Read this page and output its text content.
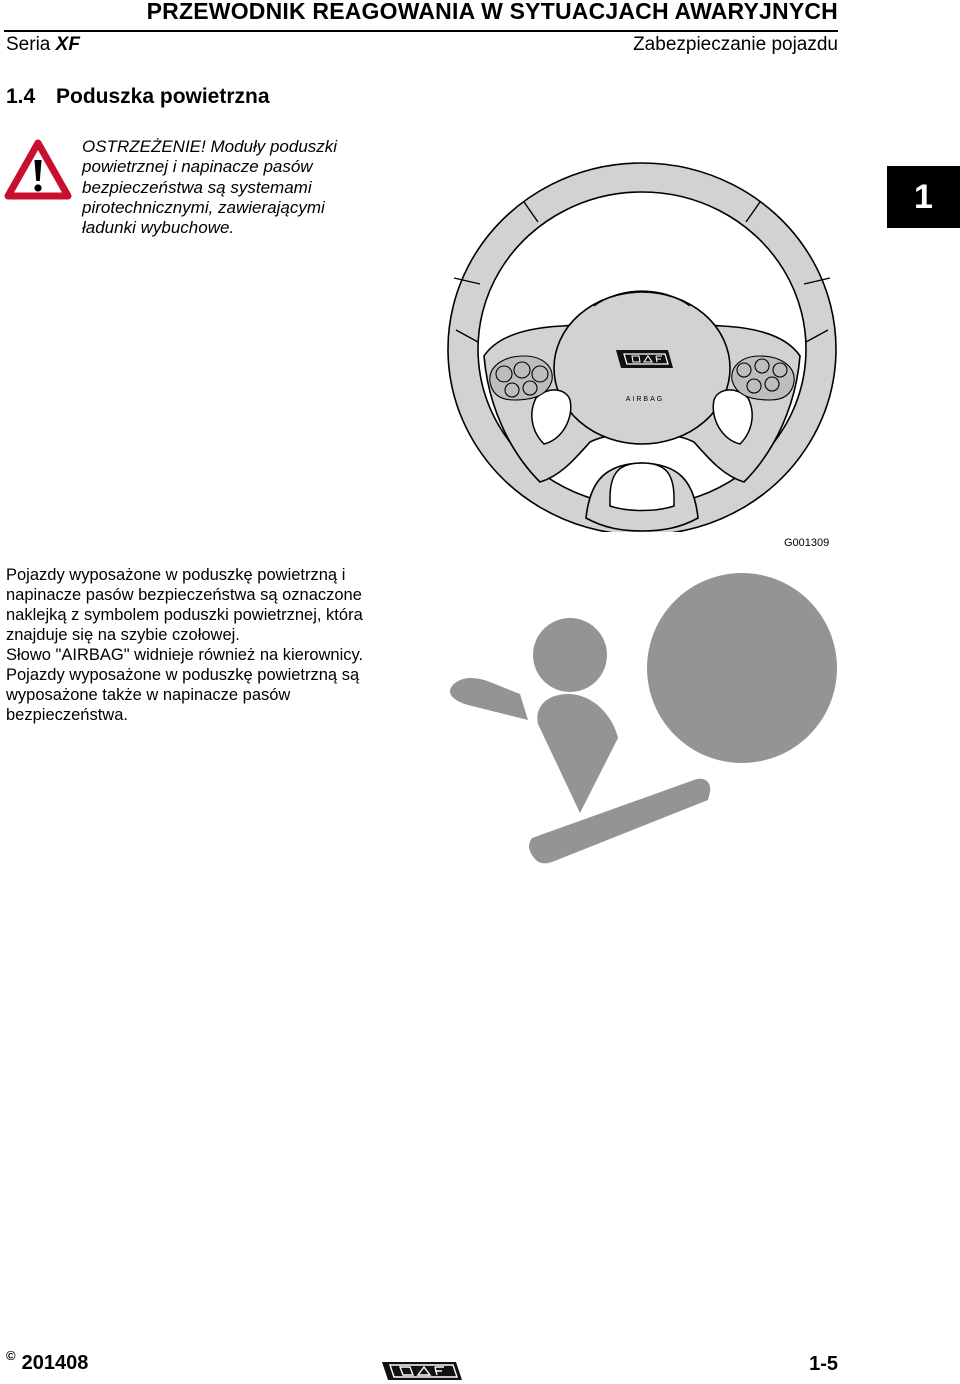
PRZEWODNIK REAGOWANIA W SYTUACJACH AWARYJNYCH
Seria XF	Zabezpieczanie pojazdu
1.4 Poduszka powietrzna
1
OSTRZEŻENIE! Moduły poduszki powietrznej i napinacze pasów bezpieczeństwa są systemami pirotechnicznymi, zawierającymi ładunki wybuchowe.
AIRBAG
G001309

Pojazdy wyposażone w poduszkę powietrzną i napinacze pasów bezpieczeństwa są oznaczone naklejką z symbolem poduszki powietrznej, która znajduje się na szybie czołowej.

Słowo "AIRBAG" widnieje również na kierownicy.

Pojazdy wyposażone w poduszkę powietrzną są wyposażone także w napinacze pasów bezpieczeństwa.

© 201408	1-5
